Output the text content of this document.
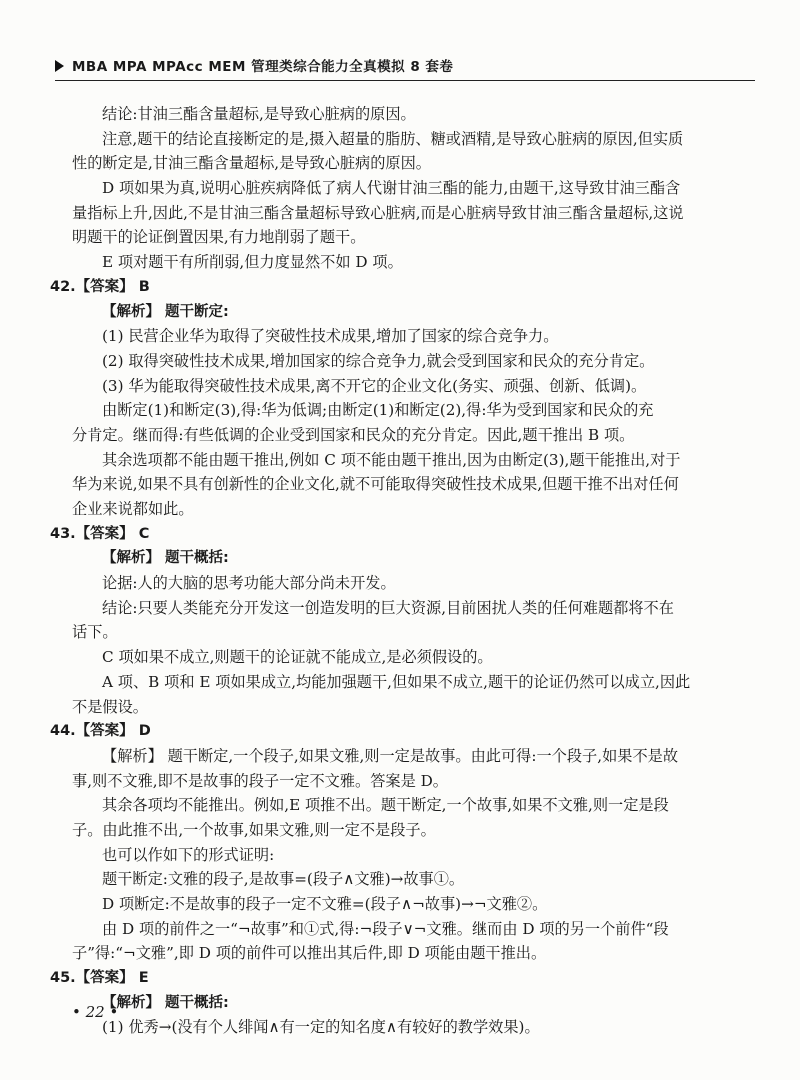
MBA MPA MPAcc MEM 管理类综合能力全真模拟 8 套卷
结论:甘油三酯含量超标,是导致心脏病的原因。
注意,题干的结论直接断定的是,摄入超量的脂肪、糖或酒精,是导致心脏病的原因,但实质
性的断定是,甘油三酯含量超标,是导致心脏病的原因。
D 项如果为真,说明心脏疾病降低了病人代谢甘油三酯的能力,由题干,这导致甘油三酯含
量指标上升,因此,不是甘油三酯含量超标导致心脏病,而是心脏病导致甘油三酯含量超标,这说
明题干的论证倒置因果,有力地削弱了题干。
E 项对题干有所削弱,但力度显然不如 D 项。
42.【答案】 B
【解析】 题干断定:
(1) 民营企业华为取得了突破性技术成果,增加了国家的综合竞争力。
(2) 取得突破性技术成果,增加国家的综合竞争力,就会受到国家和民众的充分肯定。
(3) 华为能取得突破性技术成果,离不开它的企业文化(务实、顽强、创新、低调)。
由断定(1)和断定(3),得:华为低调;由断定(1)和断定(2),得:华为受到国家和民众的充
分肯定。继而得:有些低调的企业受到国家和民众的充分肯定。因此,题干推出 B 项。
其余选项都不能由题干推出,例如 C 项不能由题干推出,因为由断定(3),题干能推出,对于
华为来说,如果不具有创新性的企业文化,就不可能取得突破性技术成果,但题干推不出对任何
企业来说都如此。
43.【答案】 C
【解析】 题干概括:
论据:人的大脑的思考功能大部分尚未开发。
结论:只要人类能充分开发这一创造发明的巨大资源,目前困扰人类的任何难题都将不在
话下。
C 项如果不成立,则题干的论证就不能成立,是必须假设的。
A 项、B 项和 E 项如果成立,均能加强题干,但如果不成立,题干的论证仍然可以成立,因此
不是假设。
44.【答案】 D
【解析】 题干断定,一个段子,如果文雅,则一定是故事。由此可得:一个段子,如果不是故
事,则不文雅,即不是故事的段子一定不文雅。答案是 D。
其余各项均不能推出。例如,E 项推不出。题干断定,一个故事,如果不文雅,则一定是段
子。由此推不出,一个故事,如果文雅,则一定不是段子。
也可以作如下的形式证明:
题干断定:文雅的段子,是故事=(段子∧文雅)→故事①。
D 项断定:不是故事的段子一定不文雅=(段子∧¬故事)→¬文雅②。
由 D 项的前件之一“¬故事”和①式,得:¬段子∨¬文雅。继而由 D 项的另一个前件“段
子”得:“¬文雅”,即 D 项的前件可以推出其后件,即 D 项能由题干推出。
45.【答案】 E
【解析】 题干概括:
(1) 优秀→(没有个人绯闻∧有一定的知名度∧有较好的教学效果)。
• 22 •
